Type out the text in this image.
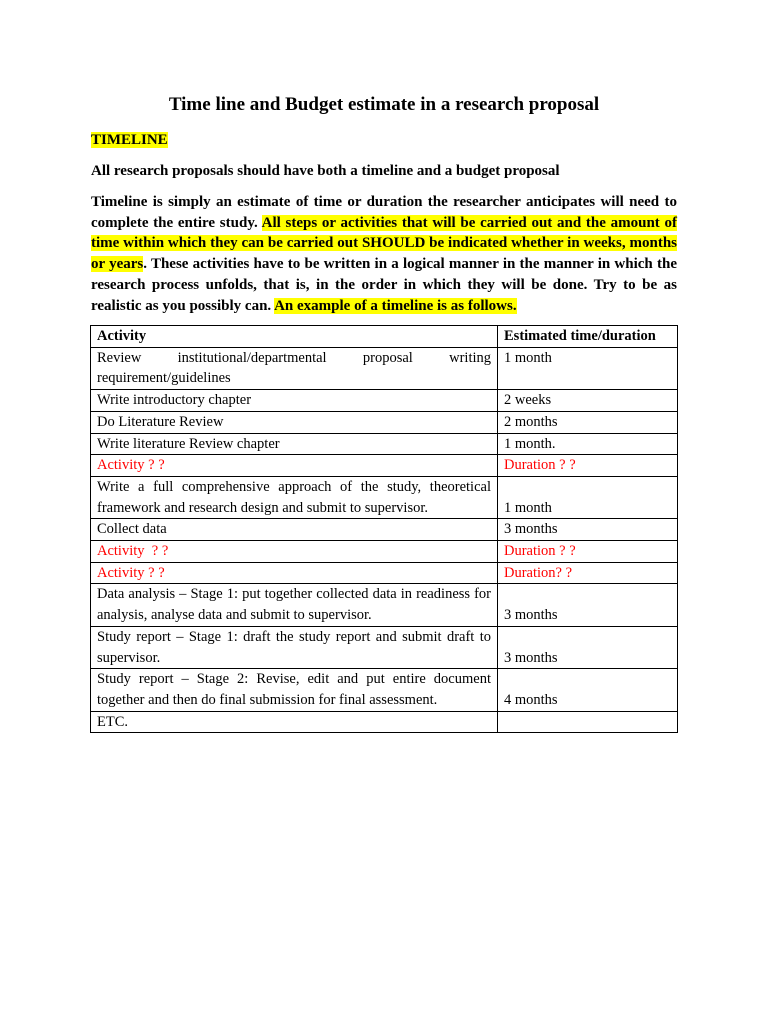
Time line and Budget estimate in a research proposal
TIMELINE
All research proposals should have both a timeline and a budget proposal
Timeline is simply an estimate of time or duration the researcher anticipates will need to complete the entire study. All steps or activities that will be carried out and the amount of time within which they can be carried out SHOULD be indicated whether in weeks, months or years. These activities have to be written in a logical manner in the manner in which the research process unfolds, that is, in the order in which they will be done. Try to be as realistic as you possibly can. An example of a timeline is as follows.
Activity	Estimated time/duration
Review institutional/departmental proposal writing requirement/guidelines	1 month
Write introductory chapter	2 weeks
Do Literature Review	2 months
Write literature Review chapter	1 month.
Activity ? ?	Duration ? ?
Write a full comprehensive approach of the study, theoretical framework and research design and submit to supervisor.	1 month
Collect data	3 months
Activity  ? ?	Duration ? ?
Activity ? ?	Duration? ?
Data analysis – Stage 1: put together collected data in readiness for analysis, analyse data and submit to supervisor.	3 months
Study report – Stage 1: draft the study report and submit draft to supervisor.	3 months
Study report – Stage 2: Revise, edit and put entire document together and then do final submission for final assessment.	4 months
ETC.	
